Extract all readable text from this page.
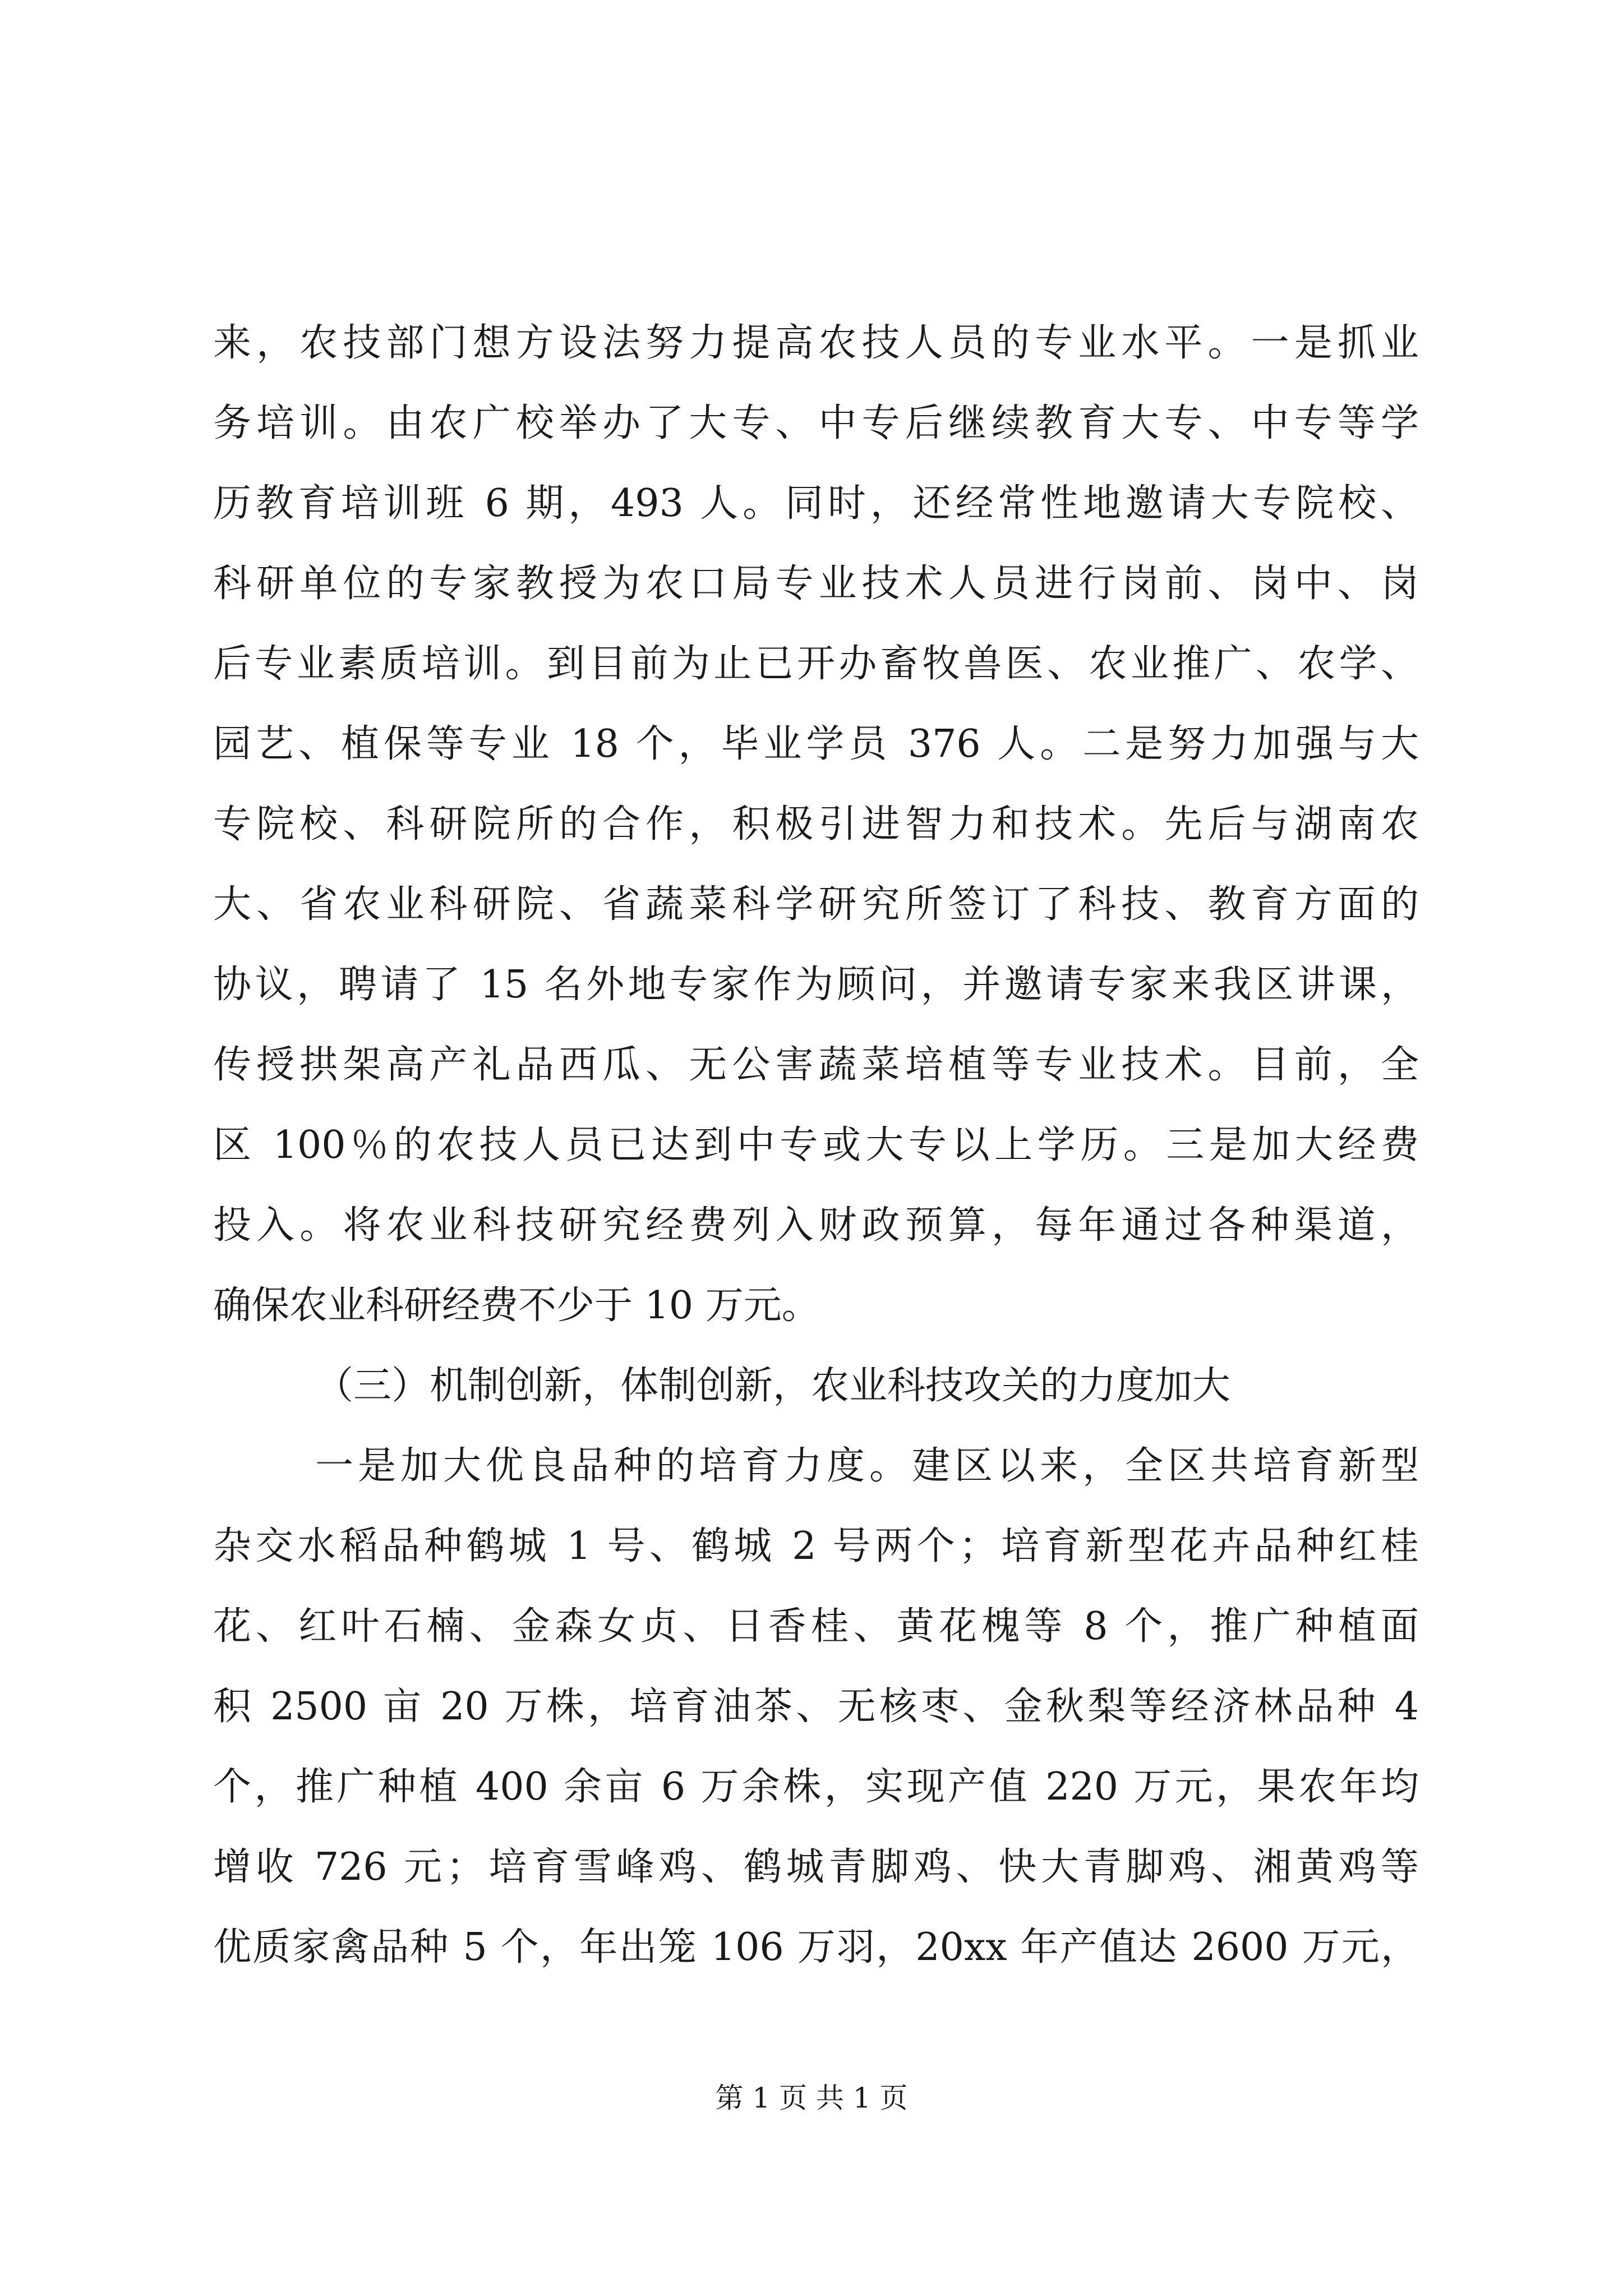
来，农技部门想方设法努力提高农技人员的专业水平。一是抓业
务培训。由农广校举办了大专、中专后继续教育大专、中专等学
历教育培训班 6 期，493 人。同时，还经常性地邀请大专院校、
科研单位的专家教授为农口局专业技术人员进行岗前、岗中、岗
后专业素质培训。到目前为止已开办畜牧兽医、农业推广、农学、
园艺、植保等专业 18 个，毕业学员 376 人。二是努力加强与大
专院校、科研院所的合作，积极引进智力和技术。先后与湖南农
大、省农业科研院、省蔬菜科学研究所签订了科技、教育方面的
协议，聘请了 15 名外地专家作为顾问，并邀请专家来我区讲课，
传授拱架高产礼品西瓜、无公害蔬菜培植等专业技术。目前，全
区 100％的农技人员已达到中专或大专以上学历。三是加大经费
投入。将农业科技研究经费列入财政预算，每年通过各种渠道，
确保农业科研经费不少于 10 万元。
（三）机制创新，体制创新，农业科技攻关的力度加大
一是加大优良品种的培育力度。建区以来，全区共培育新型
杂交水稻品种鹤城 1 号、鹤城 2 号两个；培育新型花卉品种红桂
花、红叶石楠、金森女贞、日香桂、黄花槐等 8 个，推广种植面
积 2500 亩 20 万株，培育油茶、无核枣、金秋梨等经济林品种 4
个，推广种植 400 余亩 6 万余株，实现产值 220 万元，果农年均
增收 726 元；培育雪峰鸡、鹤城青脚鸡、快大青脚鸡、湘黄鸡等
优质家禽品种 5 个，年出笼 106 万羽，20xx 年产值达 2600 万元，
第 1 页 共 1 页
